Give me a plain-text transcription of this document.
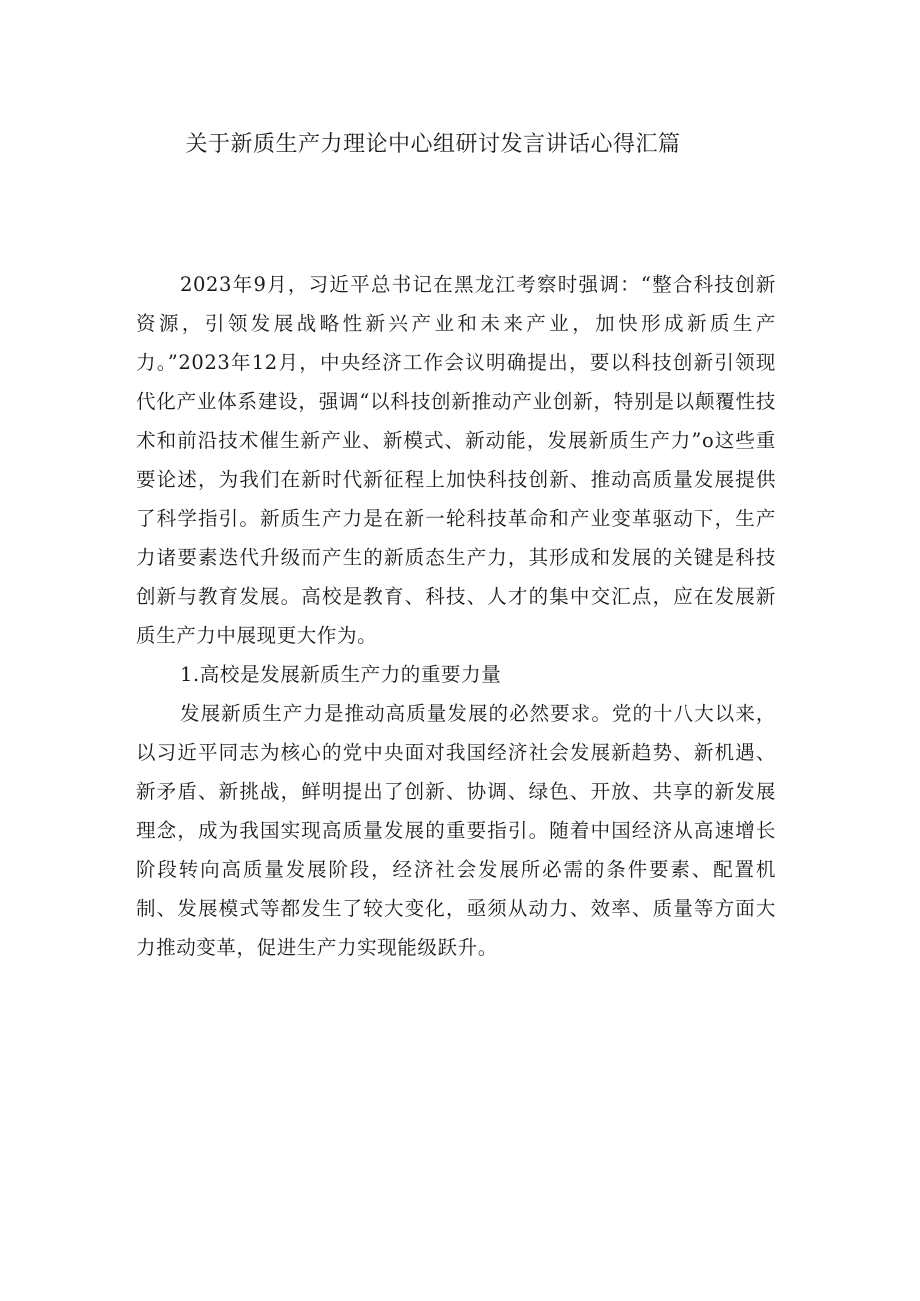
关于新质生产力理论中心组研讨发言讲话心得汇篇

2023年9月，习近平总书记在黑龙江考察时强调：“整合科技创新资源，引领发展战略性新兴产业和未来产业，加快形成新质生产力。”2023年12月，中央经济工作会议明确提出，要以科技创新引领现代化产业体系建设，强调“以科技创新推动产业创新，特别是以颠覆性技术和前沿技术催生新产业、新模式、新动能，发展新质生产力”o这些重要论述，为我们在新时代新征程上加快科技创新、推动高质量发展提供了科学指引。新质生产力是在新一轮科技革命和产业变革驱动下，生产力诸要素迭代升级而产生的新质态生产力，其形成和发展的关键是科技创新与教育发展。高校是教育、科技、人才的集中交汇点，应在发展新质生产力中展现更大作为。

1.高校是发展新质生产力的重要力量

发展新质生产力是推动高质量发展的必然要求。党的十八大以来，以习近平同志为核心的党中央面对我国经济社会发展新趋势、新机遇、新矛盾、新挑战，鲜明提出了创新、协调、绿色、开放、共享的新发展理念，成为我国实现高质量发展的重要指引。随着中国经济从高速增长阶段转向高质量发展阶段，经济社会发展所必需的条件要素、配置机制、发展模式等都发生了较大变化，亟须从动力、效率、质量等方面大力推动变革，促进生产力实现能级跃升。
